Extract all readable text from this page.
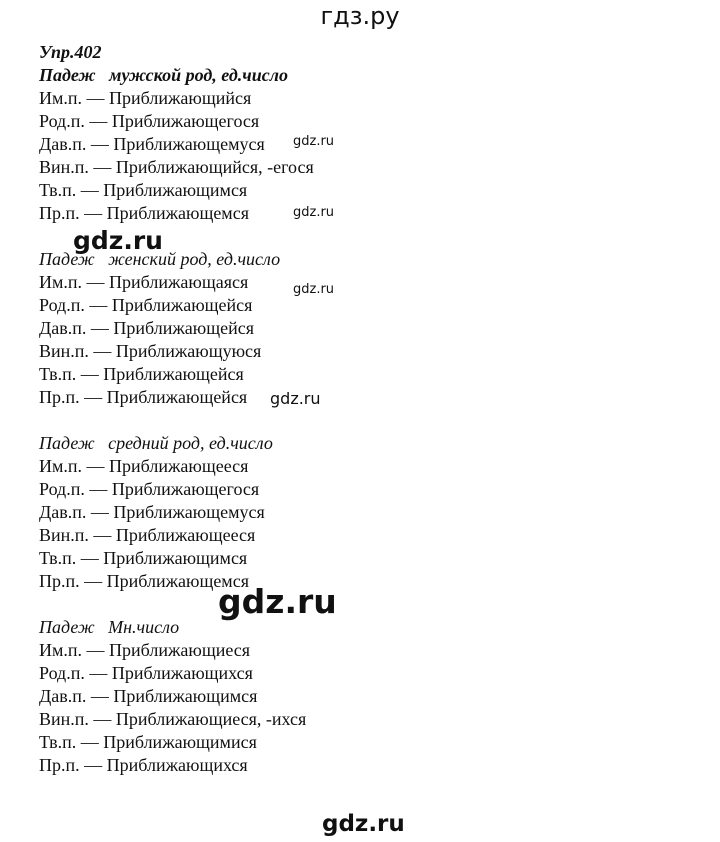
гдз.ру
Упр.402
Падеж   мужской род, ед.число
Им.п. — Приближающийся
Род.п. — Приближающегося
Дав.п. — Приближающемуся
Вин.п. — Приближающийся, -егося
Тв.п. — Приближающимся
Пр.п. — Приближающемся
Падеж   женский род, ед.число
Им.п. — Приближающаяся
Род.п. — Приближающейся
Дав.п. — Приближающейся
Вин.п. — Приближающуюся
Тв.п. — Приближающейся
Пр.п. — Приближающейся
Падеж   средний род, ед.число
Им.п. — Приближающееся
Род.п. — Приближающегося
Дав.п. — Приближающемуся
Вин.п. — Приближающееся
Тв.п. — Приближающимся
Пр.п. — Приближающемся
Падеж   Мн.число
Им.п. — Приближающиеся
Род.п. — Приближающихся
Дав.п. — Приближающимся
Вин.п. — Приближающиеся, -ихся
Тв.п. — Приближающимися
Пр.п. — Приближающихся
gdz.ru
gdz.ru
gdz.ru
gdz.ru
gdz.ru
gdz.ru
gdz.ru
